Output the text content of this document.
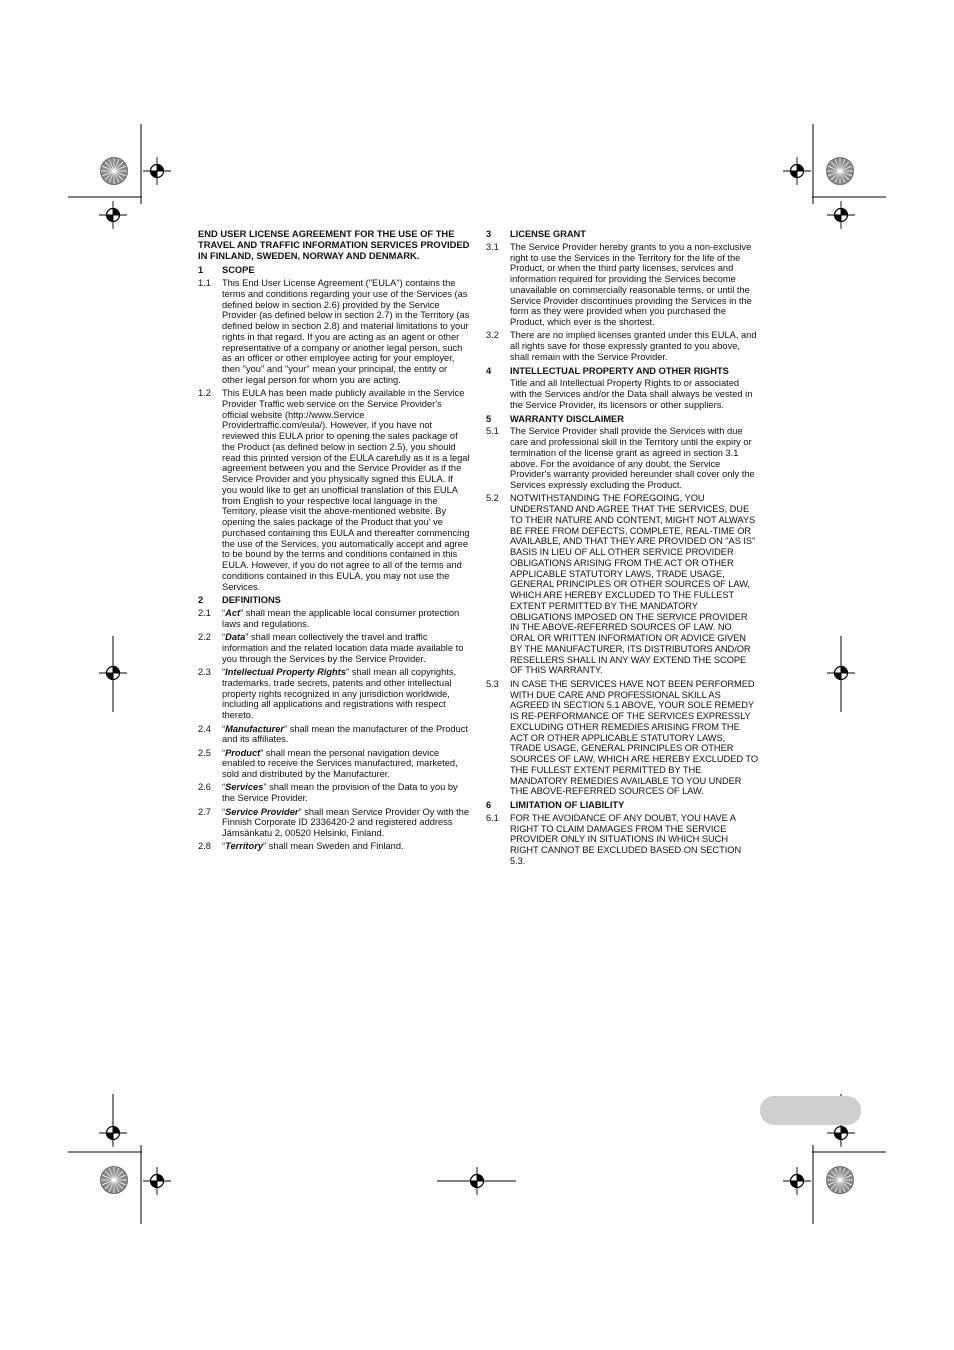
END USER LICENSE AGREEMENT FOR THE USE OF THE TRAVEL AND TRAFFIC INFORMATION SERVICES PROVIDED IN FINLAND, SWEDEN, NORWAY AND DENMARK.
1	SCOPE
1.1	This End User License Agreement ("EULA") contains the terms and conditions regarding your use of the Services (as defined below in section 2.6) provided by the Service Provider (as defined below in section 2.7) in the Territory (as defined below in section 2.8) and material limitations to your rights in that regard. If you are acting as an agent or other representative of a company or another legal person, such as an officer or other employee acting for your employer, then "you" and "your" mean your principal, the entity or other legal person for whom you are acting.
1.2	This EULA has been made publicly available in the Service Provider Traffic web service on the Service Provider's official website (http://www.Service Providertraffic.com/eula/). However, if you have not reviewed this EULA prior to opening the sales package of the Product (as defined below in section 2.5), you should read this printed version of the EULA carefully as it is a legal agreement between you and the Service Provider as if the Service Provider and you physically signed this EULA. If you would like to get an unofficial translation of this EULA from English to your respective local language in the Territory, please visit the above-mentioned website. By opening the sales package of the Product that you' ve purchased containing this EULA and thereafter commencing the use of the Services, you automatically accept and agree to be bound by the terms and conditions contained in this EULA. However, if you do not agree to all of the terms and conditions contained in this EULA, you may not use the Services.
2	DEFINITIONS
2.1	“Act” shall mean the applicable local consumer protection laws and regulations.
2.2	“Data” shall mean collectively the travel and traffic information and the related location data made available to you through the Services by the Service Provider.
2.3	“Intellectual Property Rights” shall mean all copyrights, trademarks, trade secrets, patents and other intellectual property rights recognized in any jurisdiction worldwide, including all applications and registrations with respect thereto.
2.4	“Manufacturer” shall mean the manufacturer of the Product and its affiliates.
2.5	“Product” shall mean the personal navigation device enabled to receive the Services manufactured, marketed, sold and distributed by the Manufacturer.
2.6	“Services” shall mean the provision of the Data to you by the Service Provider.
2.7	“Service Provider” shall mean Service Provider Oy with the Finnish Corporate ID 2336420-2 and registered address Jämsänkatu 2, 00520 Helsinki, Finland.
2.8	“Territory” shall mean Sweden and Finland.
3	LICENSE GRANT
3.1	The Service Provider hereby grants to you a non-exclusive right to use the Services in the Territory for the life of the Product, or when the third party licenses, services and information required for providing the Services become unavailable on commercially reasonable terms, or until the Service Provider discontinues providing the Services in the form as they were provided when you purchased the Product, which ever is the shortest.
3.2	There are no implied licenses granted under this EULA, and all rights save for those expressly granted to you above, shall remain with the Service Provider.
4	INTELLECTUAL PROPERTY AND OTHER RIGHTS
Title and all Intellectual Property Rights to or associated with the Services and/or the Data shall always be vested in the Service Provider, its licensors or other suppliers.
5	WARRANTY DISCLAIMER
5.1	The Service Provider shall provide the Services with due care and professional skill in the Territory until the expiry or termination of the license grant as agreed in section 3.1 above. For the avoidance of any doubt, the Service Provider's warranty provided hereunder shall cover only the Services expressly excluding the Product.
5.2	NOTWITHSTANDING THE FOREGOING, YOU UNDERSTAND AND AGREE THAT THE SERVICES, DUE TO THEIR NATURE AND CONTENT, MIGHT NOT ALWAYS BE FREE FROM DEFECTS, COMPLETE, REAL-TIME OR AVAILABLE, AND THAT THEY ARE PROVIDED ON "AS IS" BASIS IN LIEU OF ALL OTHER SERVICE PROVIDER OBLIGATIONS ARISING FROM THE ACT OR OTHER APPLICABLE STATUTORY LAWS, TRADE USAGE, GENERAL PRINCIPLES OR OTHER SOURCES OF LAW, WHICH ARE HEREBY EXCLUDED TO THE FULLEST EXTENT PERMITTED BY THE MANDATORY OBLIGATIONS IMPOSED ON THE SERVICE PROVIDER IN THE ABOVE-REFERRED SOURCES OF LAW. NO ORAL OR WRITTEN INFORMATION OR ADVICE GIVEN BY THE MANUFACTURER, ITS DISTRIBUTORS AND/OR RESELLERS SHALL IN ANY WAY EXTEND THE SCOPE OF THIS WARRANTY.
5.3	IN CASE THE SERVICES HAVE NOT BEEN PERFORMED WITH DUE CARE AND PROFESSIONAL SKILL AS AGREED IN SECTION 5.1 ABOVE, YOUR SOLE REMEDY IS RE-PERFORMANCE OF THE SERVICES EXPRESSLY EXCLUDING OTHER REMEDIES ARISING FROM THE ACT OR OTHER APPLICABLE STATUTORY LAWS, TRADE USAGE, GENERAL PRINCIPLES OR OTHER SOURCES OF LAW, WHICH ARE HEREBY EXCLUDED TO THE FULLEST EXTENT PERMITTED BY THE MANDATORY REMEDIES AVAILABLE TO YOU UNDER THE ABOVE-REFERRED SOURCES OF LAW.
6	LIMITATION OF LIABILITY
6.1	FOR THE AVOIDANCE OF ANY DOUBT, YOU HAVE A RIGHT TO CLAIM DAMAGES FROM THE SERVICE PROVIDER ONLY IN SITUATIONS IN WHICH SUCH RIGHT CANNOT BE EXCLUDED BASED ON SECTION 5.3.
